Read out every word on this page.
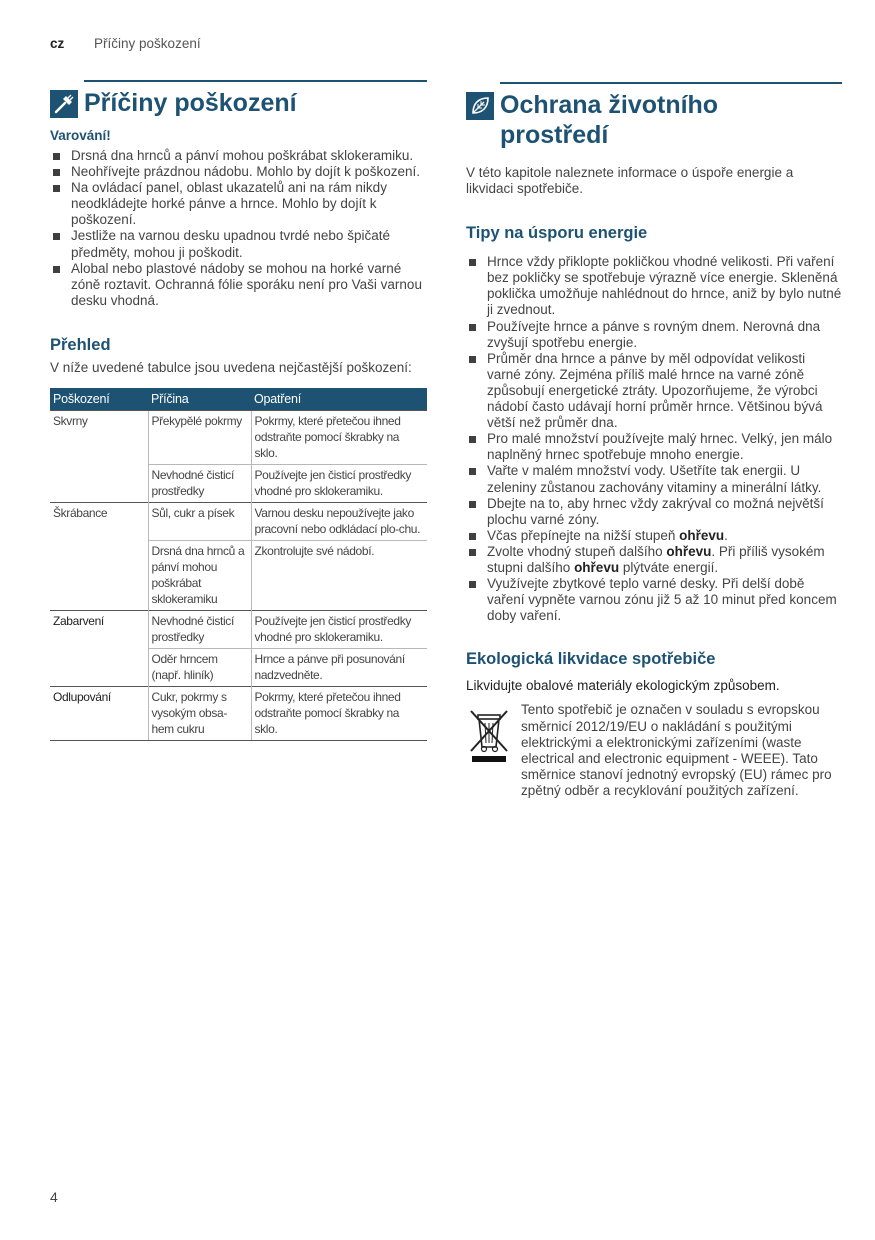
cz Příčiny poškození
Příčiny poškození
Varování!
Drsná dna hrnců a pánví mohou poškrábat sklokeramiku.
Neohřívejte prázdnou nádobu. Mohlo by dojít k poškození.
Na ovládací panel, oblast ukazatelů ani na rám nikdy neodkládejte horké pánve a hrnce. Mohlo by dojít k poškození.
Jestliže na varnou desku upadnou tvrdé nebo špičaté předměty, mohou ji poškodit.
Alobal nebo plastové nádoby se mohou na horké varné zóně roztavit. Ochranná fólie sporáku není pro Vaši varnou desku vhodná.
Přehled
V níže uvedené tabulce jsou uvedena nejčastější poškození:
Poškození	Příčina	Opatření
Skvrny	Překypělé pokrmy	Pokrmy, které přetečou ihned odstraňte pomocí škrabky na sklo.
	Nevhodné čisticí prostředky	Používejte jen čisticí prostředky vhodné pro sklokeramiku.
Škrábance	Sůl, cukr a písek	Varnou desku nepoužívejte jako pracovní nebo odkládací plo-chu.
	Drsná dna hrnců a pánví mohou poškrábat sklokeramiku	Zkontrolujte své nádobí.
Zabarvení	Nevhodné čisticí prostředky	Používejte jen čisticí prostředky vhodné pro sklokeramiku.
	Oděr hrncem (např. hliník)	Hrnce a pánve při posunování nadzvedněte.
Odlupování	Cukr, pokrmy s vysokým obsa-hem cukru	Pokrmy, které přetečou ihned odstraňte pomocí škrabky na sklo.
Ochrana životního prostředí
V této kapitole naleznete informace o úspoře energie a likvidaci spotřebiče.
Tipy na úsporu energie
Hrnce vždy přiklopte pokličkou vhodné velikosti. Při vaření bez pokličky se spotřebuje výrazně více energie. Skleněná poklička umožňuje nahlédnout do hrnce, aniž by bylo nutné ji zvednout.
Používejte hrnce a pánve s rovným dnem. Nerovná dna zvyšují spotřebu energie.
Průměr dna hrnce a pánve by měl odpovídat velikosti varné zóny. Zejména příliš malé hrnce na varné zóně způsobují energetické ztráty. Upozorňujeme, že výrobci nádobí často udávají horní průměr hrnce. Většinou bývá větší než průměr dna.
Pro malé množství používejte malý hrnec. Velký, jen málo naplněný hrnec spotřebuje mnoho energie.
Vařte v malém množství vody. Ušetříte tak energii. U zeleniny zůstanou zachovány vitaminy a minerální látky.
Dbejte na to, aby hrnec vždy zakrýval co možná největší plochu varné zóny.
Včas přepínejte na nižší stupeň ohřevu.
Zvolte vhodný stupeň dalšího ohřevu. Při příliš vysokém stupni dalšího ohřevu plýtváte energií.
Využívejte zbytkové teplo varné desky. Při delší době vaření vypněte varnou zónu již 5 až 10 minut před koncem doby vaření.
Ekologická likvidace spotřebiče
Likvidujte obalové materiály ekologickým způsobem.
Tento spotřebič je označen v souladu s evropskou směrnicí 2012/19/EU o nakládání s použitými elektrickými a elektronickými zařízeními (waste electrical and electronic equipment - WEEE). Tato směrnice stanoví jednotný evropský (EU) rámec pro zpětný odběr a recyklování použitých zařízení.
4
